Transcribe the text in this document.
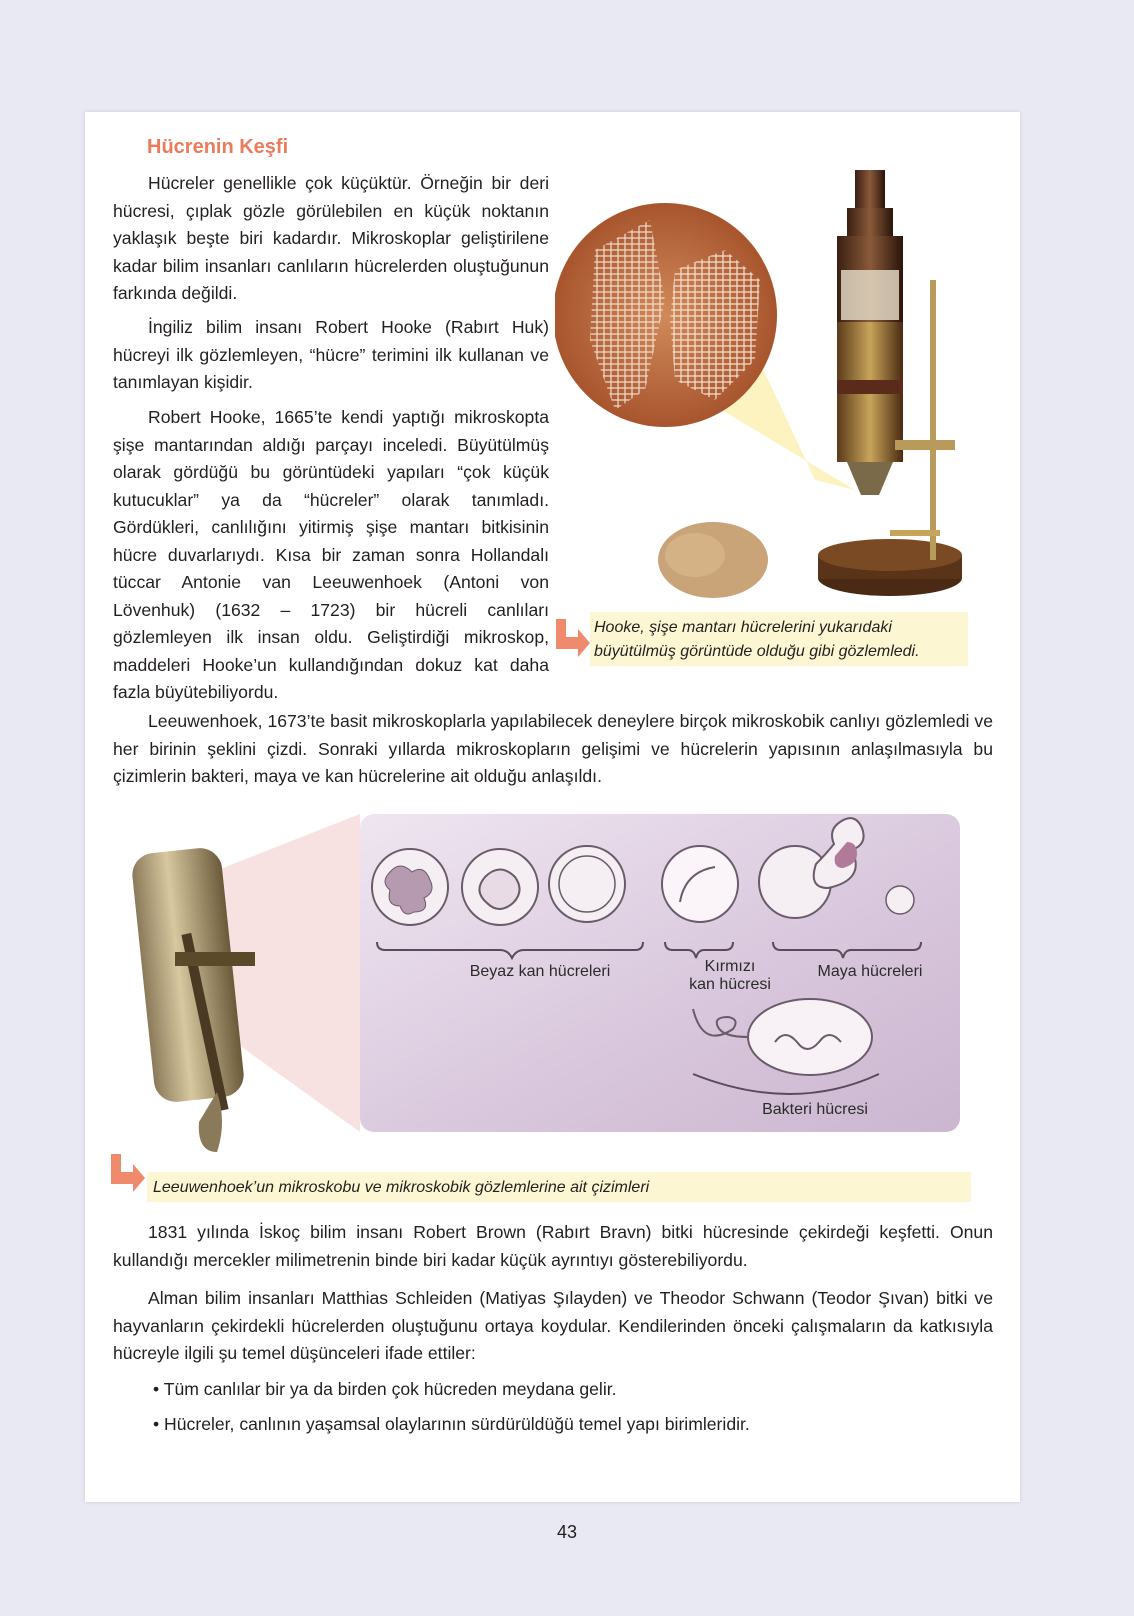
Hücrenin Keşfi

Hücreler genellikle çok küçüktür. Örneğin bir deri hücresi, çıplak gözle görülebilen en küçük noktanın yaklaşık beşte biri kadardır. Mikroskoplar geliştirilene kadar bilim insanları canlıların hücrelerden oluştuğunun farkında değildi.

İngiliz bilim insanı Robert Hooke (Rabırt Huk) hücreyi ilk gözlemleyen, “hücre” terimini ilk kullanan ve tanımlayan kişidir.

Robert Hooke, 1665’te kendi yaptığı mikroskopta şişe mantarından aldığı parçayı inceledi. Büyütülmüş olarak gördüğü bu görüntüdeki yapıları “çok küçük kutucuklar” ya da “hücreler” olarak tanımladı. Gördükleri, canlılığını yitirmiş şişe mantarı bitkisinin hücre duvarlarıydı. Kısa bir zaman sonra Hollandalı tüccar Antonie van Leeuwenhoek (Antoni von Lövenhuk) (1632 – 1723) bir hücreli canlıları gözlemleyen ilk insan oldu. Geliştirdiği mikroskop, maddeleri Hooke’un kullandığından dokuz kat daha fazla büyütebiliyordu.

Hooke, şişe mantarı hücrelerini yukarıdaki büyütülmüş görüntüde olduğu gibi gözlemledi.

Leeuwenhoek, 1673’te basit mikroskoplarla yapılabilecek deneylere birçok mikroskobik canlıyı gözlemledi ve her birinin şeklini çizdi. Sonraki yıllarda mikroskopların gelişimi ve hücrelerin yapısının anlaşılmasıyla bu çizimlerin bakteri, maya ve kan hücrelerine ait olduğu anlaşıldı.

Beyaz kan hücreleri	Kırmızı
kan hücresi
Maya hücreleri
Bakteri hücresi
Leeuwenhoek’un mikroskobu ve mikroskobik gözlemlerine ait çizimleri

1831 yılında İskoç bilim insanı Robert Brown (Rabırt Bravn) bitki hücresinde çekirdeği keşfetti. Onun kullandığı mercekler milimetrenin binde biri kadar küçük ayrıntıyı gösterebiliyordu.

Alman bilim insanları Matthias Schleiden (Matiyas Şılayden) ve Theodor Schwann (Teodor Şıvan) bitki ve hayvanların çekirdekli hücrelerden oluştuğunu ortaya koydular. Kendilerinden önceki çalışmaların da katkısıyla hücreyle ilgili şu temel düşünceleri ifade ettiler:

• Tüm canlılar bir ya da birden çok hücreden meydana gelir.
• Hücreler, canlının yaşamsal olaylarının sürdürüldüğü temel yapı birimleridir.
43
